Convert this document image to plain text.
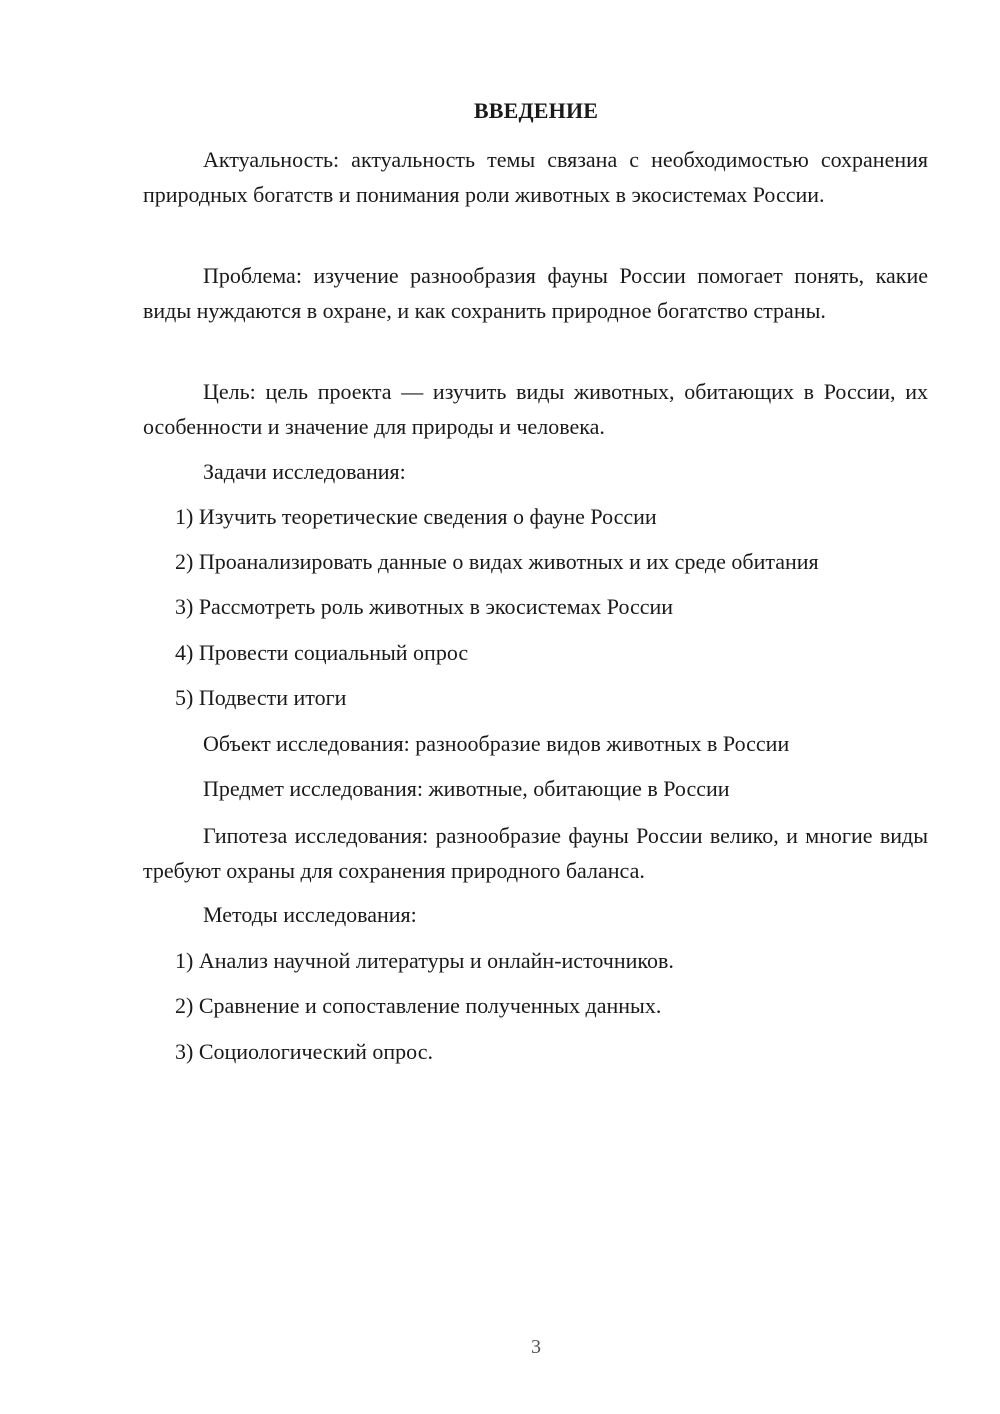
ВВЕДЕНИЕ

Актуальность: актуальность темы связана с необходимостью сохранения природных богатств и понимания роли животных в экосистемах России.

Проблема: изучение разнообразия фауны России помогает понять, какие виды нуждаются в охране, и как сохранить природное богатство страны.

Цель: цель проекта — изучить виды животных, обитающих в России, их особенности и значение для природы и человека.

Задачи исследования:

1) Изучить теоретические сведения о фауне России

2) Проанализировать данные о видах животных и их среде обитания

3) Рассмотреть роль животных в экосистемах России

4) Провести социальный опрос

5) Подвести итоги

Объект исследования: разнообразие видов животных в России

Предмет исследования: животные, обитающие в России

Гипотеза исследования: разнообразие фауны России велико, и многие виды требуют охраны для сохранения природного баланса.

Методы исследования:

1) Анализ научной литературы и онлайн-источников.

2) Сравнение и сопоставление полученных данных.

3) Социологический опрос.

3
